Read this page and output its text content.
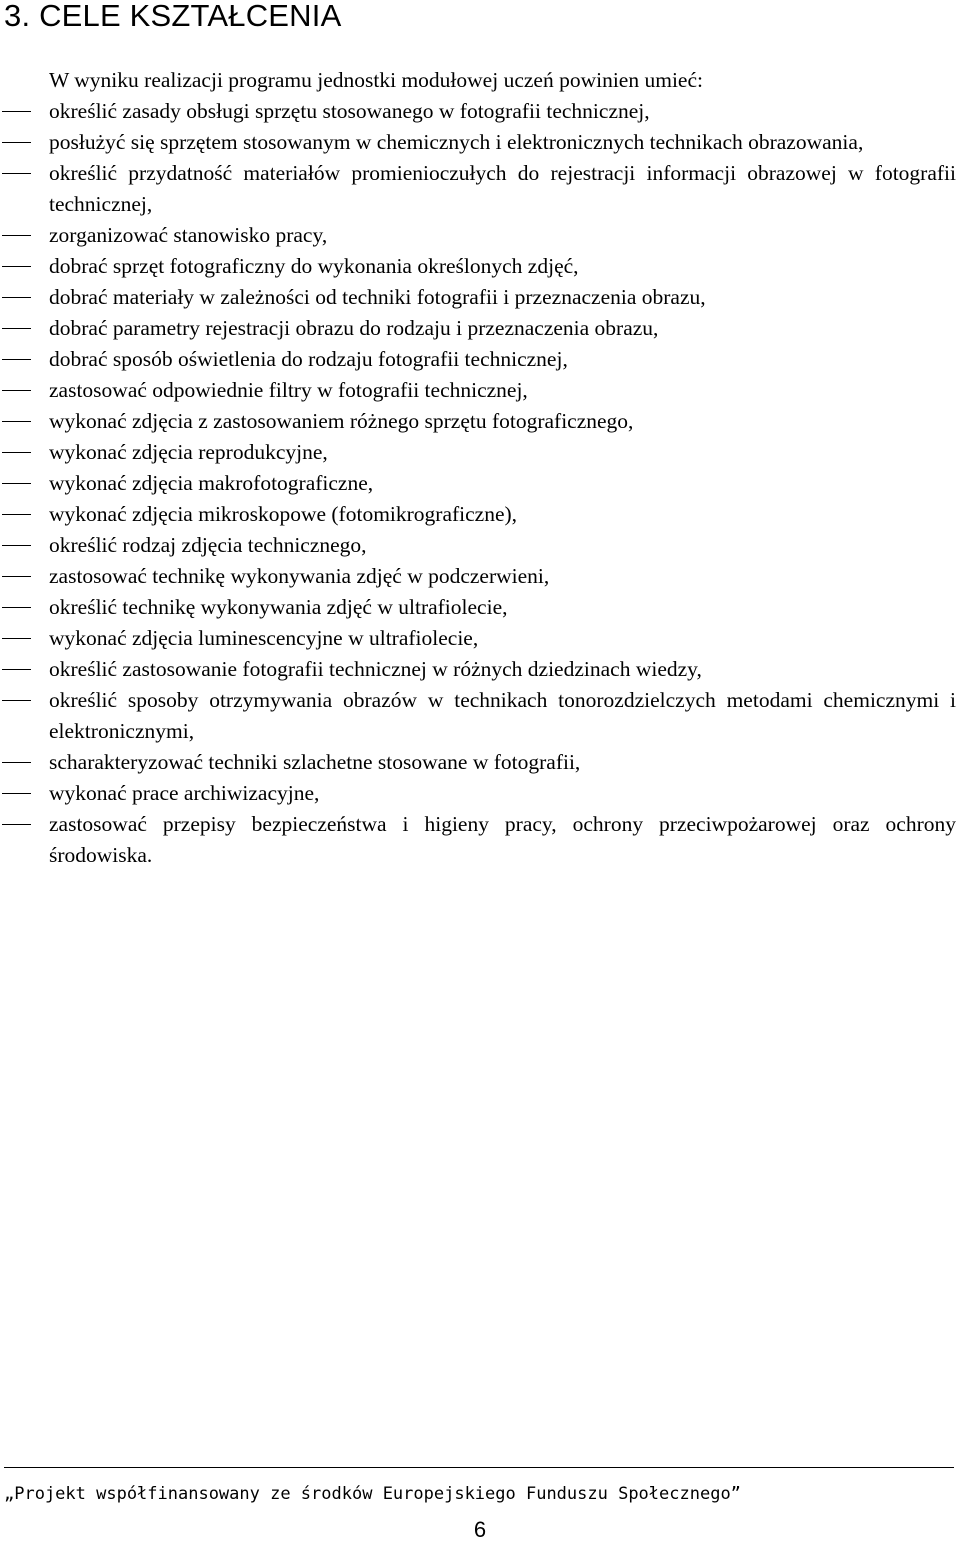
3. CELE KSZTAŁCENIA

W wyniku realizacji programu jednostki modułowej uczeń powinien umieć:

określić zasady obsługi sprzętu stosowanego w fotografii technicznej,
posłużyć się sprzętem stosowanym w chemicznych i elektronicznych technikach obrazowania,
określić przydatność materiałów promienioczułych do rejestracji informacji obrazowej w fotografii technicznej,
zorganizować stanowisko pracy,
dobrać sprzęt fotograficzny do wykonania określonych zdjęć,
dobrać materiały w zależności od techniki fotografii i przeznaczenia obrazu,
dobrać parametry rejestracji obrazu do rodzaju i przeznaczenia obrazu,
dobrać sposób oświetlenia do rodzaju fotografii technicznej,
zastosować odpowiednie filtry w fotografii technicznej,
wykonać zdjęcia z zastosowaniem różnego sprzętu fotograficznego,
wykonać zdjęcia reprodukcyjne,
wykonać zdjęcia makrofotograficzne,
wykonać zdjęcia mikroskopowe (fotomikrograficzne),
określić rodzaj zdjęcia technicznego,
zastosować technikę wykonywania zdjęć w podczerwieni,
określić technikę wykonywania zdjęć w ultrafiolecie,
wykonać zdjęcia luminescencyjne w ultrafiolecie,
określić zastosowanie fotografii technicznej w różnych dziedzinach wiedzy,
określić sposoby otrzymywania obrazów w technikach tonorozdzielczych metodami chemicznymi i elektronicznymi,
scharakteryzować techniki szlachetne stosowane w fotografii,
wykonać prace archiwizacyjne,
zastosować przepisy bezpieczeństwa i higieny pracy, ochrony przeciwpożarowej oraz ochrony środowiska.

„Projekt współfinansowany ze środków Europejskiego Funduszu Społecznego”

6
